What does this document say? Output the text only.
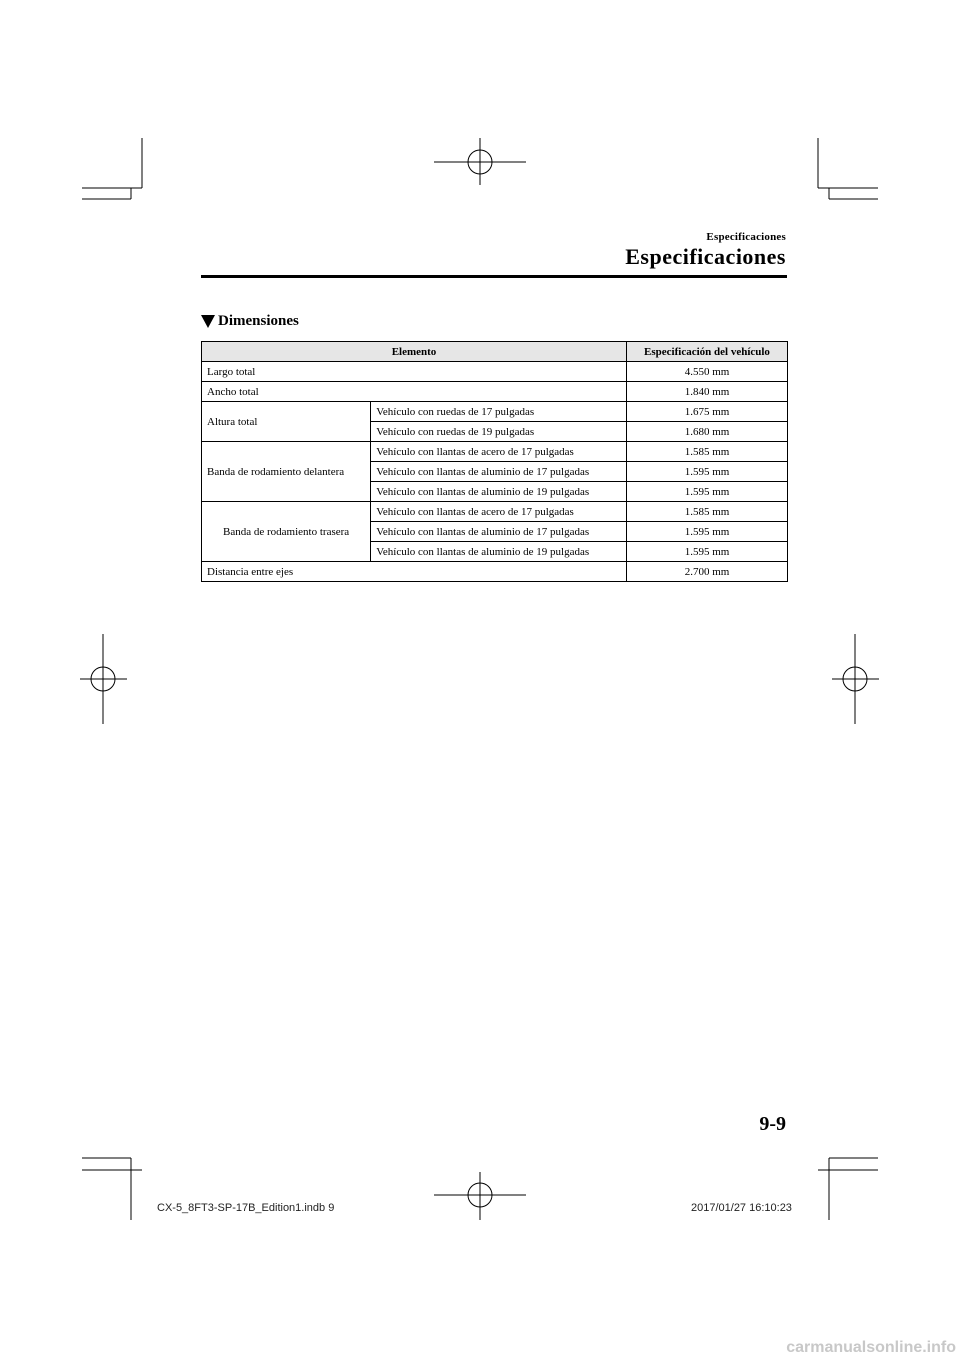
Especificaciones
Especificaciones
Dimensiones
Elemento		Especificación del vehículo
Largo total		4.550 mm
Ancho total		1.840 mm
Altura total	Vehículo con ruedas de 17 pulgadas	1.675 mm
	Vehículo con ruedas de 19 pulgadas	1.680 mm
Banda de rodamiento delantera	Vehículo con llantas de acero de 17 pulgadas	1.585 mm
	Vehículo con llantas de aluminio de 17 pulgadas	1.595 mm
	Vehículo con llantas de aluminio de 19 pulgadas	1.595 mm
Banda de rodamiento trasera	Vehículo con llantas de acero de 17 pulgadas	1.585 mm
	Vehículo con llantas de aluminio de 17 pulgadas	1.595 mm
	Vehículo con llantas de aluminio de 19 pulgadas	1.595 mm
Distancia entre ejes		2.700 mm
9-9
CX-5_8FT3-SP-17B_Edition1.indb 9	2017/01/27 16:10:23
carmanualsonline.info
